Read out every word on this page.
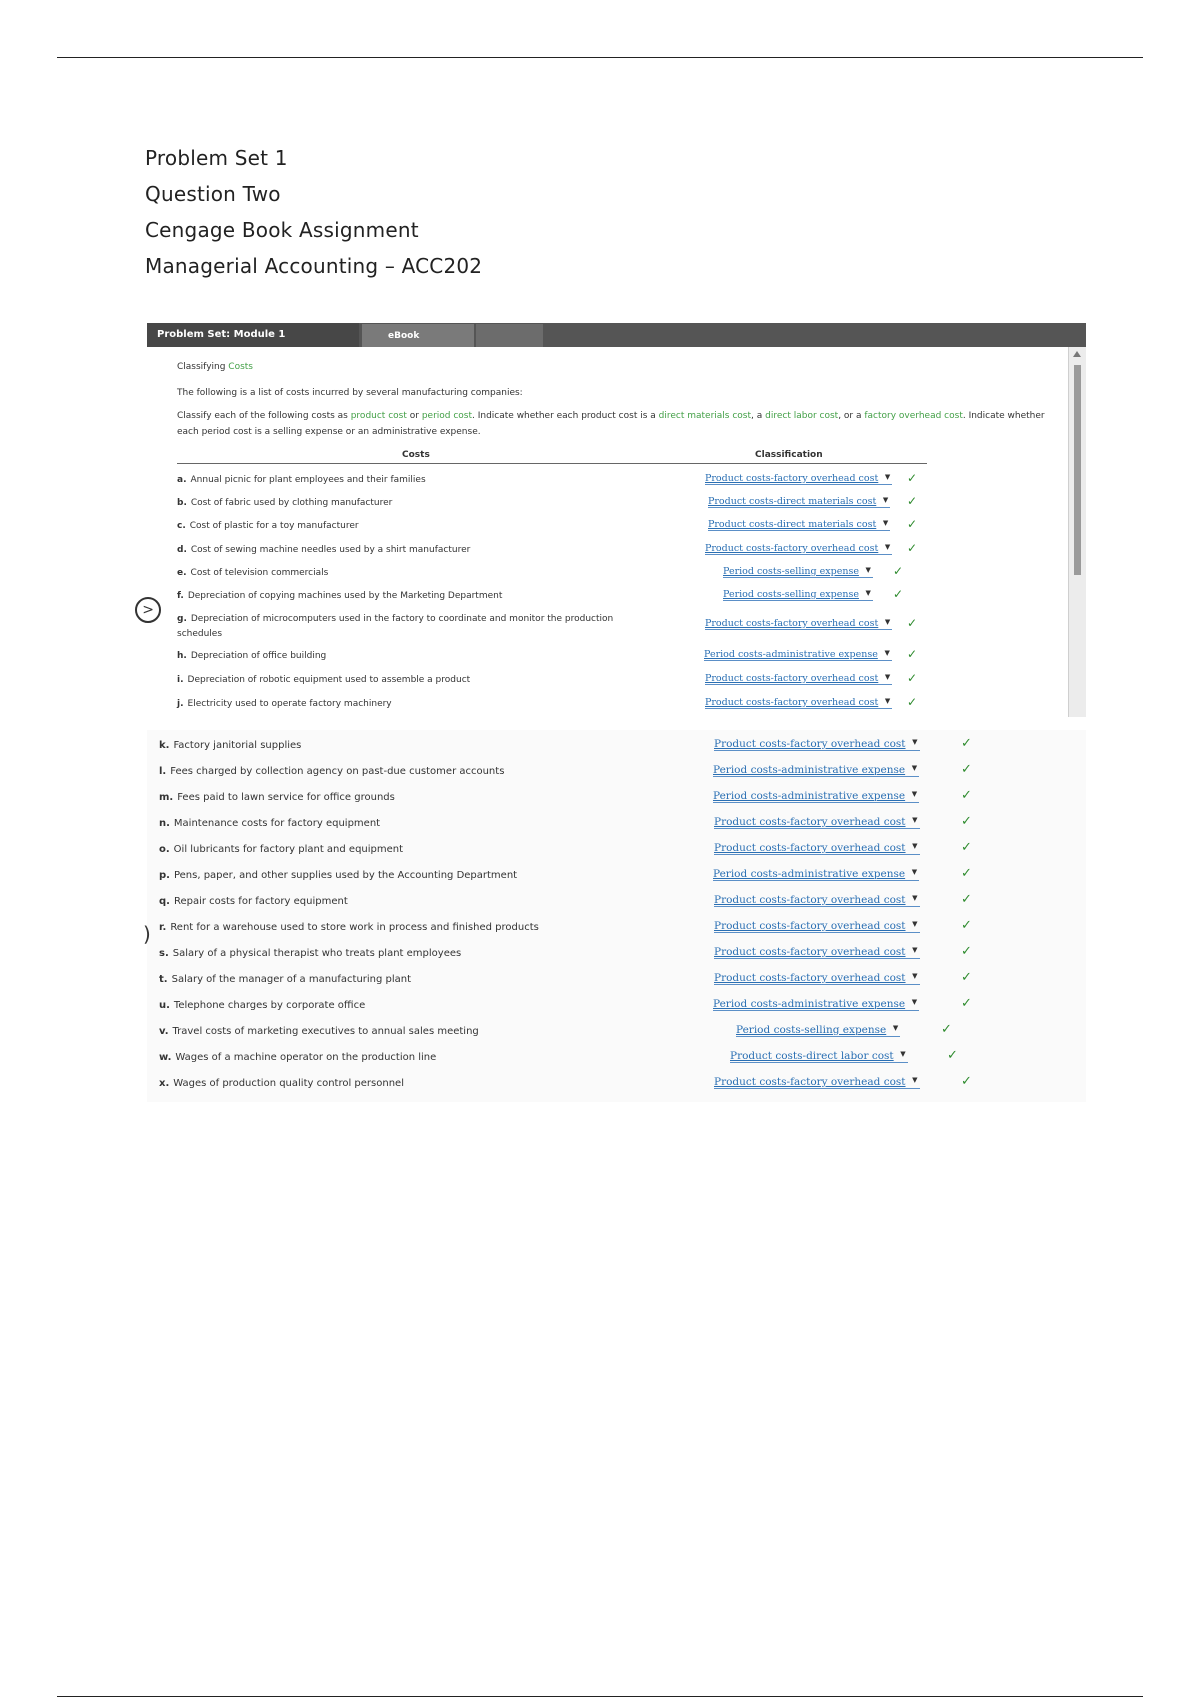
Problem Set 1
Question Two
Cengage Book Assignment
Managerial Accounting – ACC202
Problem Set: Module 1	eBook
Classifying Costs
The following is a list of costs incurred by several manufacturing companies:
Classify each of the following costs as product cost or period cost. Indicate whether each product cost is a direct materials cost, a direct labor cost, or a factory overhead cost. Indicate whether each period cost is a selling expense or an administrative expense.
Costs	Classification
a. Annual picnic for plant employees and their families	Product costs-factory overhead cost ▼ ✓
b. Cost of fabric used by clothing manufacturer	Product costs-direct materials cost ▼ ✓
c. Cost of plastic for a toy manufacturer	Product costs-direct materials cost ▼ ✓
d. Cost of sewing machine needles used by a shirt manufacturer	Product costs-factory overhead cost ▼ ✓
e. Cost of television commercials	Period costs-selling expense ▼ ✓
f. Depreciation of copying machines used by the Marketing Department	Period costs-selling expense ▼ ✓
g. Depreciation of microcomputers used in the factory to coordinate and monitor the production schedules
Product costs-factory overhead cost ▼ ✓
h. Depreciation of office building	Period costs-administrative expense ▼ ✓
i. Depreciation of robotic equipment used to assemble a product	Product costs-factory overhead cost ▼ ✓
j. Electricity used to operate factory machinery	Product costs-factory overhead cost ▼ ✓
>
)
k. Factory janitorial supplies	Product costs-factory overhead cost ▼	✓
l. Fees charged by collection agency on past-due customer accounts	Period costs-administrative expense ▼	✓
m. Fees paid to lawn service for office grounds	Period costs-administrative expense ▼	✓
n. Maintenance costs for factory equipment	Product costs-factory overhead cost ▼	✓
o. Oil lubricants for factory plant and equipment	Product costs-factory overhead cost ▼	✓
p. Pens, paper, and other supplies used by the Accounting Department	Period costs-administrative expense ▼	✓
q. Repair costs for factory equipment	Product costs-factory overhead cost ▼	✓
r. Rent for a warehouse used to store work in process and finished products	Product costs-factory overhead cost ▼	✓
s. Salary of a physical therapist who treats plant employees	Product costs-factory overhead cost ▼	✓
t. Salary of the manager of a manufacturing plant	Product costs-factory overhead cost ▼	✓
u. Telephone charges by corporate office	Period costs-administrative expense ▼	✓
v. Travel costs of marketing executives to annual sales meeting	Period costs-selling expense ▼	✓
w. Wages of a machine operator on the production line	Product costs-direct labor cost ▼	✓
x. Wages of production quality control personnel	Product costs-factory overhead cost ▼	✓
